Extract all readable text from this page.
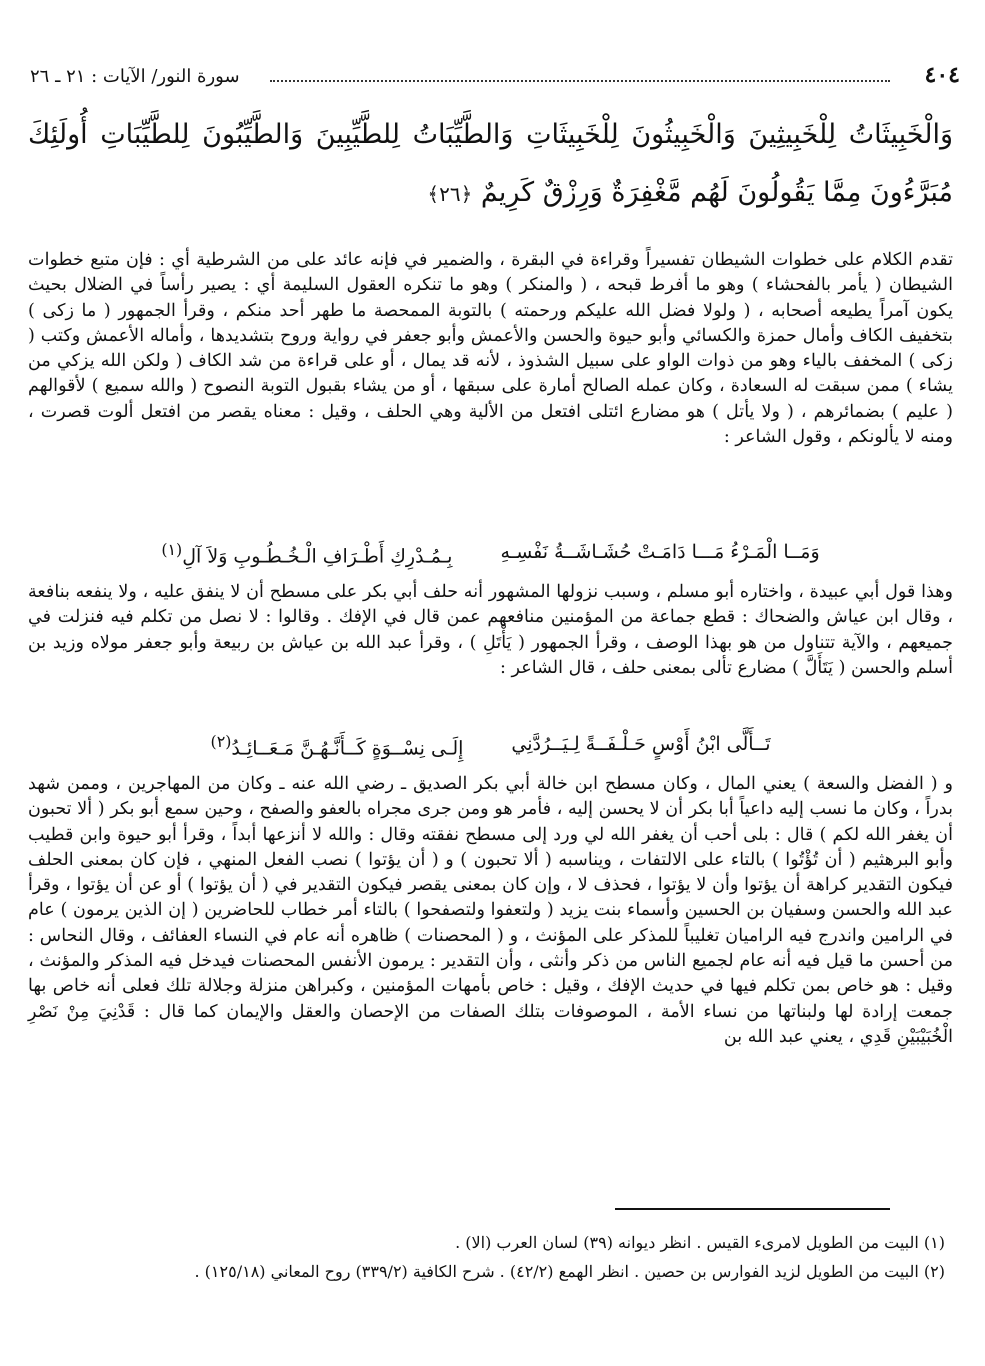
٤٠٤
سورة النور/ الآيات : ٢١ ـ ٢٦
وَالْخَبِيثَاتُ لِلْخَبِيثِينَ وَالْخَبِيثُونَ لِلْخَبِيثَاتِ وَالطَّيِّبَاتُ لِلطَّيِّبِينَ وَالطَّيِّبُونَ لِلطَّيِّبَاتِ أُولَئِكَ مُبَرَّءُونَ مِمَّا يَقُولُونَ لَهُم مَّغْفِرَةٌ وَرِزْقٌ كَرِيمٌ ﴿٢٦﴾

تقدم الكلام على خطوات الشيطان تفسيراً وقراءة في البقرة ، والضمير في فإنه عائد على من الشرطية أي : فإن متبع خطوات الشيطان ( يأمر بالفحشاء ) وهو ما أفرط قبحه ، ( والمنكر ) وهو ما تنكره العقول السليمة أي : يصير رأساً في الضلال بحيث يكون آمراً يطيعه أصحابه ، ( ولولا فضل الله عليكم ورحمته ) بالتوبة الممحصة ما طهر أحد منكم ، وقرأ الجمهور ( ما زكى ) بتخفيف الكاف وأمال حمزة والكسائي وأبو حيوة والحسن والأعمش وأبو جعفر في رواية وروح بتشديدها ، وأماله الأعمش وكتب ( زكى ) المخفف بالياء وهو من ذوات الواو على سبيل الشذوذ ، لأنه قد يمال ، أو على قراءة من شد الكاف ( ولكن الله يزكي من يشاء ) ممن سبقت له السعادة ، وكان عمله الصالح أمارة على سبقها ، أو من يشاء بقبول التوبة النصوح ( والله سميع ) لأقوالهم ( عليم ) بضمائرهم ، ( ولا يأتل ) هو مضارع ائتلى افتعل من الألية وهي الحلف ، وقيل : معناه يقصر من افتعل ألوت قصرت ، ومنه لا يألونكم ، وقول الشاعر :

وَمَــا الْمَـرْءُ مَـــا دَامَـتْ حُشَـاشَــةُ نَفْسِـهِ
بِـمُـدْرِكِ أَطْـرَافِ الْـخُـطُـوبِ وَلاَ آلِ$^{(١)}$

وهذا قول أبي عبيدة ، واختاره أبو مسلم ، وسبب نزولها المشهور أنه حلف أبي بكر على مسطح أن لا ينفق عليه ، ولا ينفعه بنافعة ، وقال ابن عياش والضحاك : قطع جماعة من المؤمنين منافعهم عمن قال في الإفك . وقالوا : لا نصل من تكلم فيه فنزلت في جميعهم ، والآية تتناول من هو بهذا الوصف ، وقرأ الجمهور ( يَأْتَلِ ) ، وقرأ عبد الله بن عياش بن ربيعة وأبو جعفر مولاه وزيد بن أسلم والحسن ( يَتَأَلَّ ) مضارع تألى بمعنى حلف ، قال الشاعر :

تَــأَلَّى ابْنُ أَوْسٍ حَـلْـفَــةً لِـيَــرُدَّنِي
إِلَـى نِسْــوَةٍ كَــأَنَّـهُـنَّ مَـعَــائِـدُ$^{(٢)}$

و ( الفضل والسعة ) يعني المال ، وكان مسطح ابن خالة أبي بكر الصديق ـ رضي الله عنه ـ وكان من المهاجرين ، وممن شهد بدراً ، وكان ما نسب إليه داعياً أبا بكر أن لا يحسن إليه ، فأمر هو ومن جرى مجراه بالعفو والصفح ، وحين سمع أبو بكر ( ألا تحبون أن يغفر الله لكم ) قال : بلى أحب أن يغفر الله لي ورد إلى مسطح نفقته وقال : والله لا أنزعها أبداً ، وقرأ أبو حيوة وابن قطيب وأبو البرهثيم ( أن تُؤْتُوا ) بالتاء على الالتفات ، ويناسبه ( ألا تحبون ) و ( أن يؤتوا ) نصب الفعل المنهي ، فإن كان بمعنى الحلف فيكون التقدير كراهة أن يؤتوا وأن لا يؤتوا ، فحذف لا ، وإن كان بمعنى يقصر فيكون التقدير في ( أن يؤتوا ) أو عن أن يؤتوا ، وقرأ عبد الله والحسن وسفيان بن الحسين وأسماء بنت يزيد ( ولتعفوا ولتصفحوا ) بالتاء أمر خطاب للحاضرين ( إن الذين يرمون ) عام في الرامين واندرج فيه الراميان تغليباً للمذكر على المؤنث ، و ( المحصنات ) ظاهره أنه عام في النساء العفائف ، وقال النحاس : من أحسن ما قيل فيه أنه عام لجميع الناس من ذكر وأنثى ، وأن التقدير : يرمون الأنفس المحصنات فيدخل فيه المذكر والمؤنث ، وقيل : هو خاص بمن تكلم فيها في حديث الإفك ، وقيل : خاص بأمهات المؤمنين ، وكبراهن منزلة وجلالة تلك فعلى أنه خاص بها جمعت إرادة لها ولبناتها من نساء الأمة ، الموصوفات بتلك الصفات من الإحصان والعقل والإيمان كما قال : قَدْنِيَ مِنْ نَصْرِ الْخُبَيْبَيْنِ قَدِي ، يعني عبد الله بن

(١) البيت من الطويل لامرىء القيس . انظر ديوانه (٣٩) لسان العرب (الا) .
(٢) البيت من الطويل لزيد الفوارس بن حصين . انظر الهمع (٤٢/٢) . شرح الكافية (٣٣٩/٢) روح المعاني (١٢٥/١٨) .
